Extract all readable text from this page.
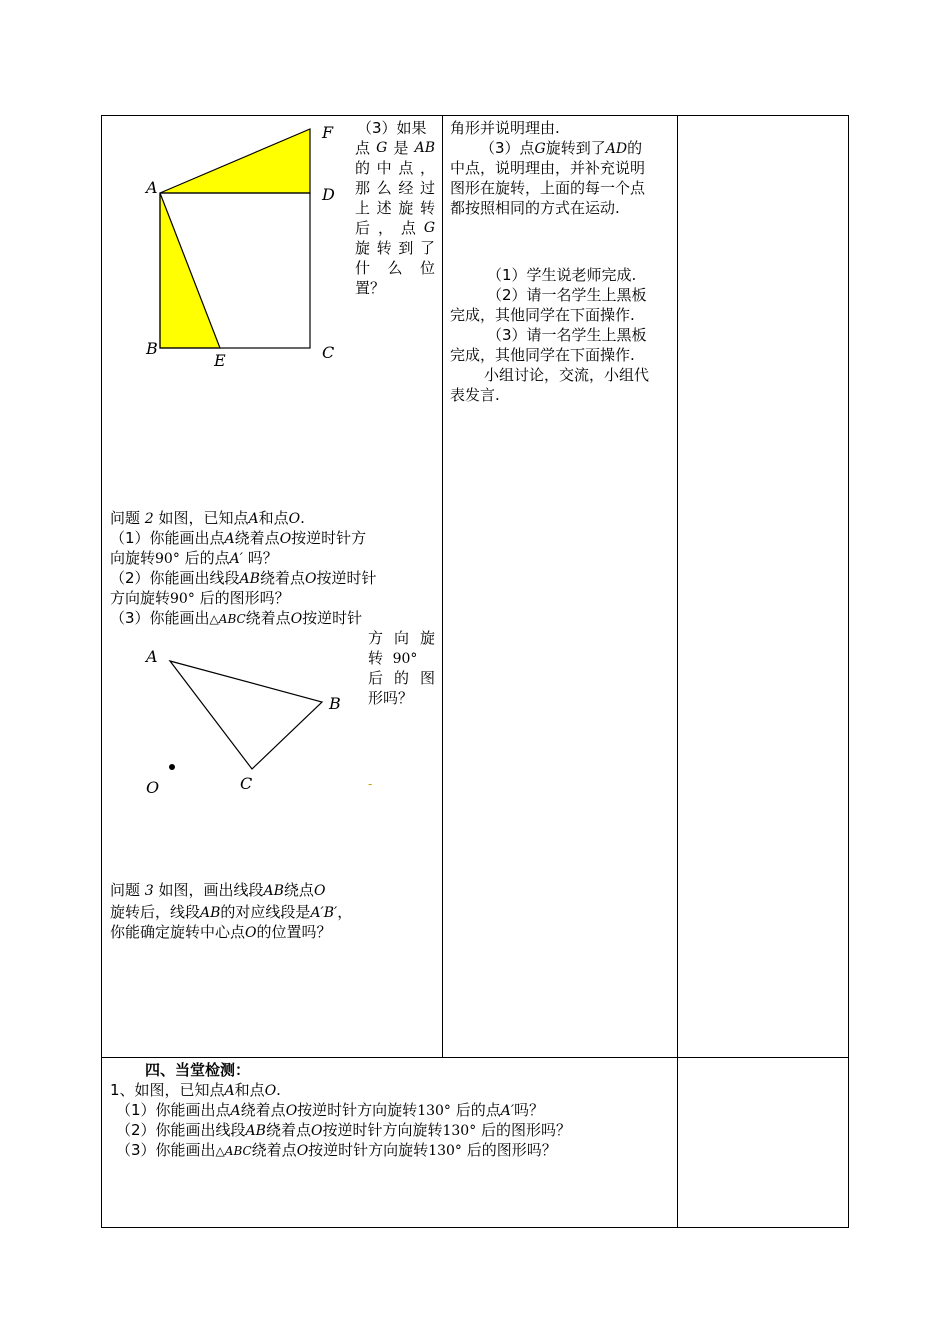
F
A	D
B
E	C
（3）如果
点 G 是 AB
的 中 点 ，
那 么 经 过
上 述 旋 转
后 ， 点 G
旋 转 到 了
什 么 位
置？
问题 2 如图，已知点A和点O.
（1）你能画出点A绕着点O按逆时针方
向旋转90° 后的点A′ 吗？
（2）你能画出线段AB绕着点O按逆时针
方向旋转90° 后的图形吗？
（3）你能画出△ABC绕着点O按逆时针
方 向 旋
转 90°
后 的 图
形吗？
A
B
C
O	-
问题 3 如图，画出线段AB绕点O
旋转后，线段AB的对应线段是A′B′，
你能确定旋转中心点O的位置吗？
角形并说明理由.
（3）点G旋转到了AD的
中点，说明理由，并补充说明
图形在旋转，上面的每一个点
都按照相同的方式在运动.
（1）学生说老师完成.
（2）请一名学生上黑板
完成，其他同学在下面操作.
（3）请一名学生上黑板
完成，其他同学在下面操作.
小组讨论，交流，小组代
表发言.
四、当堂检测：
1、如图，已知点A和点O.
（1）你能画出点A绕着点O按逆时针方向旋转130° 后的点A′吗？
（2）你能画出线段AB绕着点O按逆时针方向旋转130° 后的图形吗？
（3）你能画出△ABC绕着点O按逆时针方向旋转130° 后的图形吗？
